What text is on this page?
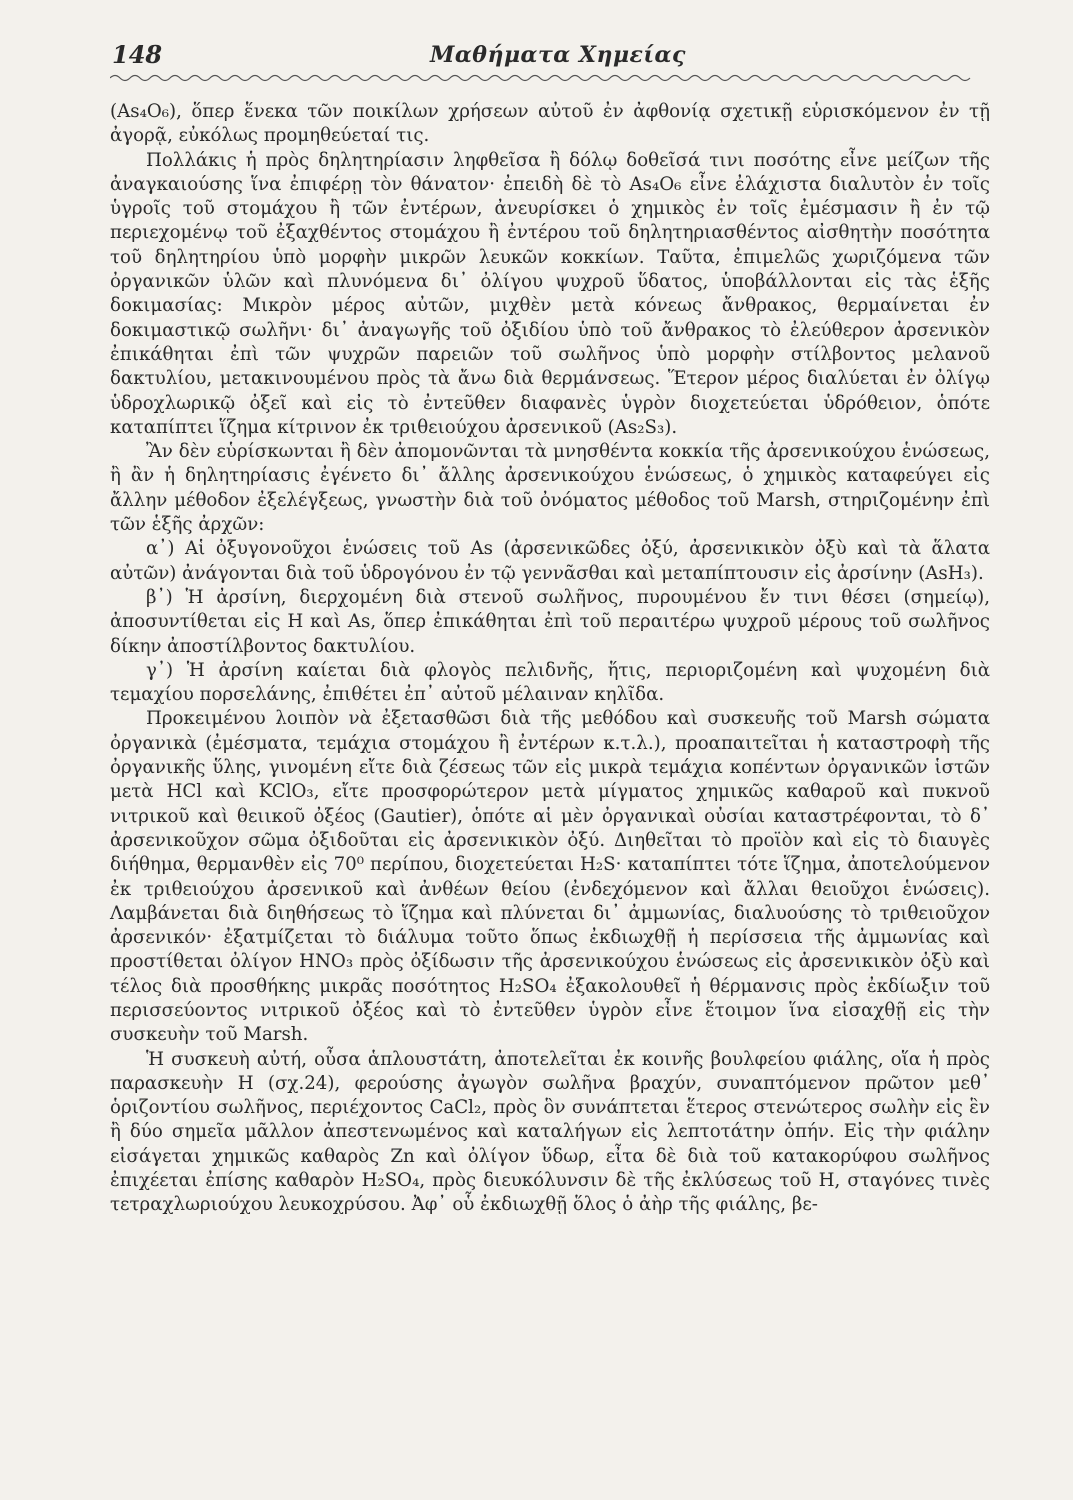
148	Μαθήματα Χημείας

(As₄O₆), ὅπερ ἕνεκα τῶν ποικίλων χρήσεων αὐτοῦ ἐν ἀφθονίᾳ σχετικῇ εὑρισκόμενον ἐν τῇ ἀγορᾷ, εὐκόλως προμηθεύεταί τις.

Πολλάκις ἡ πρὸς δηλητηρίασιν ληφθεῖσα ἢ δόλῳ δοθεῖσά τινι ποσότης εἶνε μείζων τῆς ἀναγκαιούσης ἵνα ἐπιφέρῃ τὸν θάνατον· ἐπειδὴ δὲ τὸ As₄O₆ εἶνε ἐλάχιστα διαλυτὸν ἐν τοῖς ὑγροῖς τοῦ στομάχου ἢ τῶν ἐντέρων, ἀνευρίσκει ὁ χημικὸς ἐν τοῖς ἐμέσμασιν ἢ ἐν τῷ περιεχομένῳ τοῦ ἐξαχθέντος στομάχου ἢ ἐντέρου τοῦ δηλητηριασθέντος αἰσθητὴν ποσότητα τοῦ δηλητηρίου ὑπὸ μορφὴν μικρῶν λευκῶν κοκκίων. Ταῦτα, ἐπιμελῶς χωριζόμενα τῶν ὀργανικῶν ὑλῶν καὶ πλυνόμενα δι᾽ ὀλίγου ψυχροῦ ὕδατος, ὑποβάλλονται εἰς τὰς ἑξῆς δοκιμασίας: Μικρὸν μέρος αὐτῶν, μιχθὲν μετὰ κόνεως ἄνθρακος, θερμαίνεται ἐν δοκιμαστικῷ σωλῆνι· δι᾽ ἀναγωγῆς τοῦ ὀξιδίου ὑπὸ τοῦ ἄνθρακος τὸ ἐλεύθερον ἀρσενικὸν ἐπικάθηται ἐπὶ τῶν ψυχρῶν παρειῶν τοῦ σωλῆνος ὑπὸ μορφὴν στίλβοντος μελανοῦ δακτυλίου, μετακινουμένου πρὸς τὰ ἄνω διὰ θερμάνσεως. Ἕτερον μέρος διαλύεται ἐν ὀλίγῳ ὑδροχλωρικῷ ὀξεῖ καὶ εἰς τὸ ἐντεῦθεν διαφανὲς ὑγρὸν διοχετεύεται ὑδρόθειον, ὁπότε καταπίπτει ἵζημα κίτρινον ἐκ τριθειούχου ἀρσενικοῦ (As₂S₃).

Ἂν δὲν εὑρίσκωνται ἢ δὲν ἀπομονῶνται τὰ μνησθέντα κοκκία τῆς ἀρσενικούχου ἑνώσεως, ἢ ἂν ἡ δηλητηρίασις ἐγένετο δι᾽ ἄλλης ἀρσενικούχου ἑνώσεως, ὁ χημικὸς καταφεύγει εἰς ἄλλην μέθοδον ἐξελέγξεως, γνωστὴν διὰ τοῦ ὀνόματος μέθοδος τοῦ Marsh, στηριζομένην ἐπὶ τῶν ἑξῆς ἀρχῶν:

α᾽) Αἱ ὀξυγονοῦχοι ἑνώσεις τοῦ As (ἀρσενικῶδες ὀξύ, ἀρσενικικὸν ὀξὺ καὶ τὰ ἅλατα αὐτῶν) ἀνάγονται διὰ τοῦ ὑδρογόνου ἐν τῷ γεννᾶσθαι καὶ μεταπίπτουσιν εἰς ἀρσίνην (AsH₃).

β᾽) Ἡ ἀρσίνη, διερχομένη διὰ στενοῦ σωλῆνος, πυρουμένου ἔν τινι θέσει (σημείῳ), ἀποσυντίθεται εἰς H καὶ As, ὅπερ ἐπικάθηται ἐπὶ τοῦ περαιτέρω ψυχροῦ μέρους τοῦ σωλῆνος δίκην ἀποστίλβοντος δακτυλίου.

γ᾽) Ἡ ἀρσίνη καίεται διὰ φλογὸς πελιδνῆς, ἥτις, περιοριζομένη καὶ ψυχομένη διὰ τεμαχίου πορσελάνης, ἐπιθέτει ἐπ᾽ αὐτοῦ μέλαιναν κηλῖδα.

Προκειμένου λοιπὸν νὰ ἐξετασθῶσι διὰ τῆς μεθόδου καὶ συσκευῆς τοῦ Marsh σώματα ὀργανικὰ (ἐμέσματα, τεμάχια στομάχου ἢ ἐντέρων κ.τ.λ.), προαπαιτεῖται ἡ καταστροφὴ τῆς ὀργανικῆς ὕλης, γινομένη εἴτε διὰ ζέσεως τῶν εἰς μικρὰ τεμάχια κοπέντων ὀργανικῶν ἱστῶν μετὰ HCl καὶ KClO₃, εἴτε προσφορώτερον μετὰ μίγματος χημικῶς καθαροῦ καὶ πυκνοῦ νιτρικοῦ καὶ θειικοῦ ὀξέος (Gautier), ὁπότε αἱ μὲν ὀργανικαὶ οὐσίαι καταστρέφονται, τὸ δ᾽ ἀρσενικοῦχον σῶμα ὀξιδοῦται εἰς ἀρσενικικὸν ὀξύ. Διηθεῖται τὸ προϊὸν καὶ εἰς τὸ διαυγὲς διήθημα, θερμανθὲν εἰς 70⁰ περίπου, διοχετεύεται H₂S· καταπίπτει τότε ἵζημα, ἀποτελούμενον ἐκ τριθειούχου ἀρσενικοῦ καὶ ἀνθέων θείου (ἐνδεχόμενον καὶ ἄλλαι θειοῦχοι ἑνώσεις). Λαμβάνεται διὰ διηθήσεως τὸ ἵζημα καὶ πλύνεται δι᾽ ἀμμωνίας, διαλυούσης τὸ τριθειοῦχον ἀρσενικόν· ἐξατμίζεται τὸ διάλυμα τοῦτο ὅπως ἐκδιωχθῇ ἡ περίσσεια τῆς ἀμμωνίας καὶ προστίθεται ὀλίγον HNO₃ πρὸς ὀξίδωσιν τῆς ἀρσενικούχου ἑνώσεως εἰς ἀρσενικικὸν ὀξὺ καὶ τέλος διὰ προσθήκης μικρᾶς ποσότητος H₂SO₄ ἐξακολουθεῖ ἡ θέρμανσις πρὸς ἐκδίωξιν τοῦ περισσεύοντος νιτρικοῦ ὀξέος καὶ τὸ ἐντεῦθεν ὑγρὸν εἶνε ἕτοιμον ἵνα εἰσαχθῇ εἰς τὴν συσκευὴν τοῦ Marsh.

Ἡ συσκευὴ αὐτή, οὖσα ἁπλουστάτη, ἀποτελεῖται ἐκ κοινῆς βουλφείου φιάλης, οἵα ἡ πρὸς παρασκευὴν H (σχ.24), φερούσης ἀγωγὸν σωλῆνα βραχύν, συναπτόμενον πρῶτον μεθ᾽ ὁριζοντίου σωλῆνος, περιέχοντος CaCl₂, πρὸς ὃν συνάπτεται ἕτερος στενώτερος σωλὴν εἰς ἓν ἢ δύο σημεῖα μᾶλλον ἀπεστενωμένος καὶ καταλήγων εἰς λεπτοτάτην ὀπήν. Εἰς τὴν φιάλην εἰσάγεται χημικῶς καθαρὸς Zn καὶ ὀλίγον ὕδωρ, εἶτα δὲ διὰ τοῦ κατακορύφου σωλῆνος ἐπιχέεται ἐπίσης καθαρὸν H₂SO₄, πρὸς διευκόλυνσιν δὲ τῆς ἐκλύσεως τοῦ H, σταγόνες τινὲς τετραχλωριούχου λευκοχρύσου. Ἀφ᾽ οὗ ἐκδιωχθῇ ὅλος ὁ ἀὴρ τῆς φιάλης, βε-
